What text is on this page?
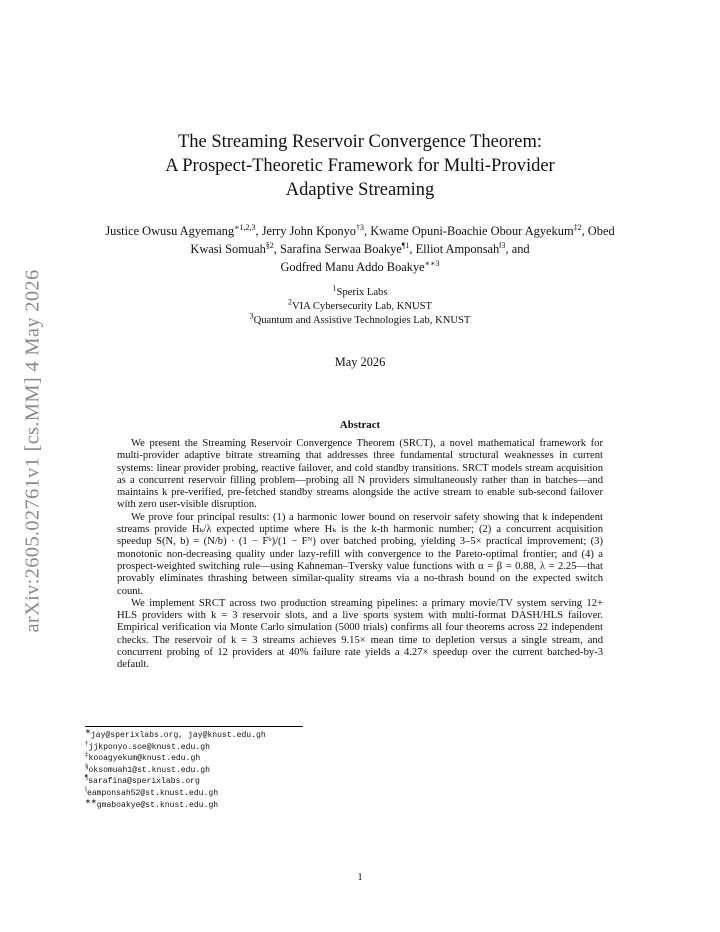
arXiv:2605.02761v1 [cs.MM] 4 May 2026
The Streaming Reservoir Convergence Theorem:
A Prospect-Theoretic Framework for Multi-Provider
Adaptive Streaming
Justice Owusu Agyemang$^{∗1,2,3}$, Jerry John Kponyo$^{\dagger 3}$, Kwame Opuni-Boachie Obour Agyekum$^{\ddagger 2}$, Obed Kwasi Somuah$^{\S 2}$, Sarafina Serwaa Boakye$^{\P 1}$, Elliot Amponsah$^{‖3}$, and
Godfred Manu Addo Boakye$^{∗∗3}$
$^1$Sperix Labs
$^2$VIA Cybersecurity Lab, KNUST
$^3$Quantum and Assistive Technologies Lab, KNUST
May 2026
Abstract

We present the Streaming Reservoir Convergence Theorem (SRCT), a novel mathematical framework for multi-provider adaptive bitrate streaming that addresses three fundamental structural weaknesses in current systems: linear provider probing, reactive failover, and cold standby transitions. SRCT models stream acquisition as a concurrent reservoir filling problem—probing all N providers simultaneously rather than in batches—and maintains k pre-verified, pre-fetched standby streams alongside the active stream to enable sub-second failover with zero user-visible disruption.

We prove four principal results: (1) a harmonic lower bound on reservoir safety showing that k independent streams provide Hₖ/λ expected uptime where Hₖ is the k-th harmonic number; (2) a concurrent acquisition speedup S(N, b) = (N/b) · (1 − Fᵇ)/(1 − Fᴺ) over batched probing, yielding 3–5× practical improvement; (3) monotonic non-decreasing quality under lazy-refill with convergence to the Pareto-optimal frontier; and (4) a prospect-weighted switching rule—using Kahneman–Tversky value functions with α = β = 0.88, λ = 2.25—that provably eliminates thrashing between similar-quality streams via a no-thrash bound on the expected switch count.

We implement SRCT across two production streaming pipelines: a primary movie/TV system serving 12+ HLS providers with k = 3 reservoir slots, and a live sports system with multi-format DASH/HLS failover. Empirical verification via Monte Carlo simulation (5000 trials) confirms all four theorems across 22 independent checks. The reservoir of k = 3 streams achieves 9.15× mean time to depletion versus a single stream, and concurrent probing of 12 providers at 40% failure rate yields a 4.27× speedup over the current batched-by-3 default.

∗jay@sperixlabs.org, jay@knust.edu.gh
†jjkponyo.soe@knust.edu.gh
‡kooagyekum@knust.edu.gh
§oksomuah1@st.knust.edu.gh
¶sarafina@sperixlabs.org
‖eamponsah52@st.knust.edu.gh
∗∗gmaboakye@st.knust.edu.gh
1
